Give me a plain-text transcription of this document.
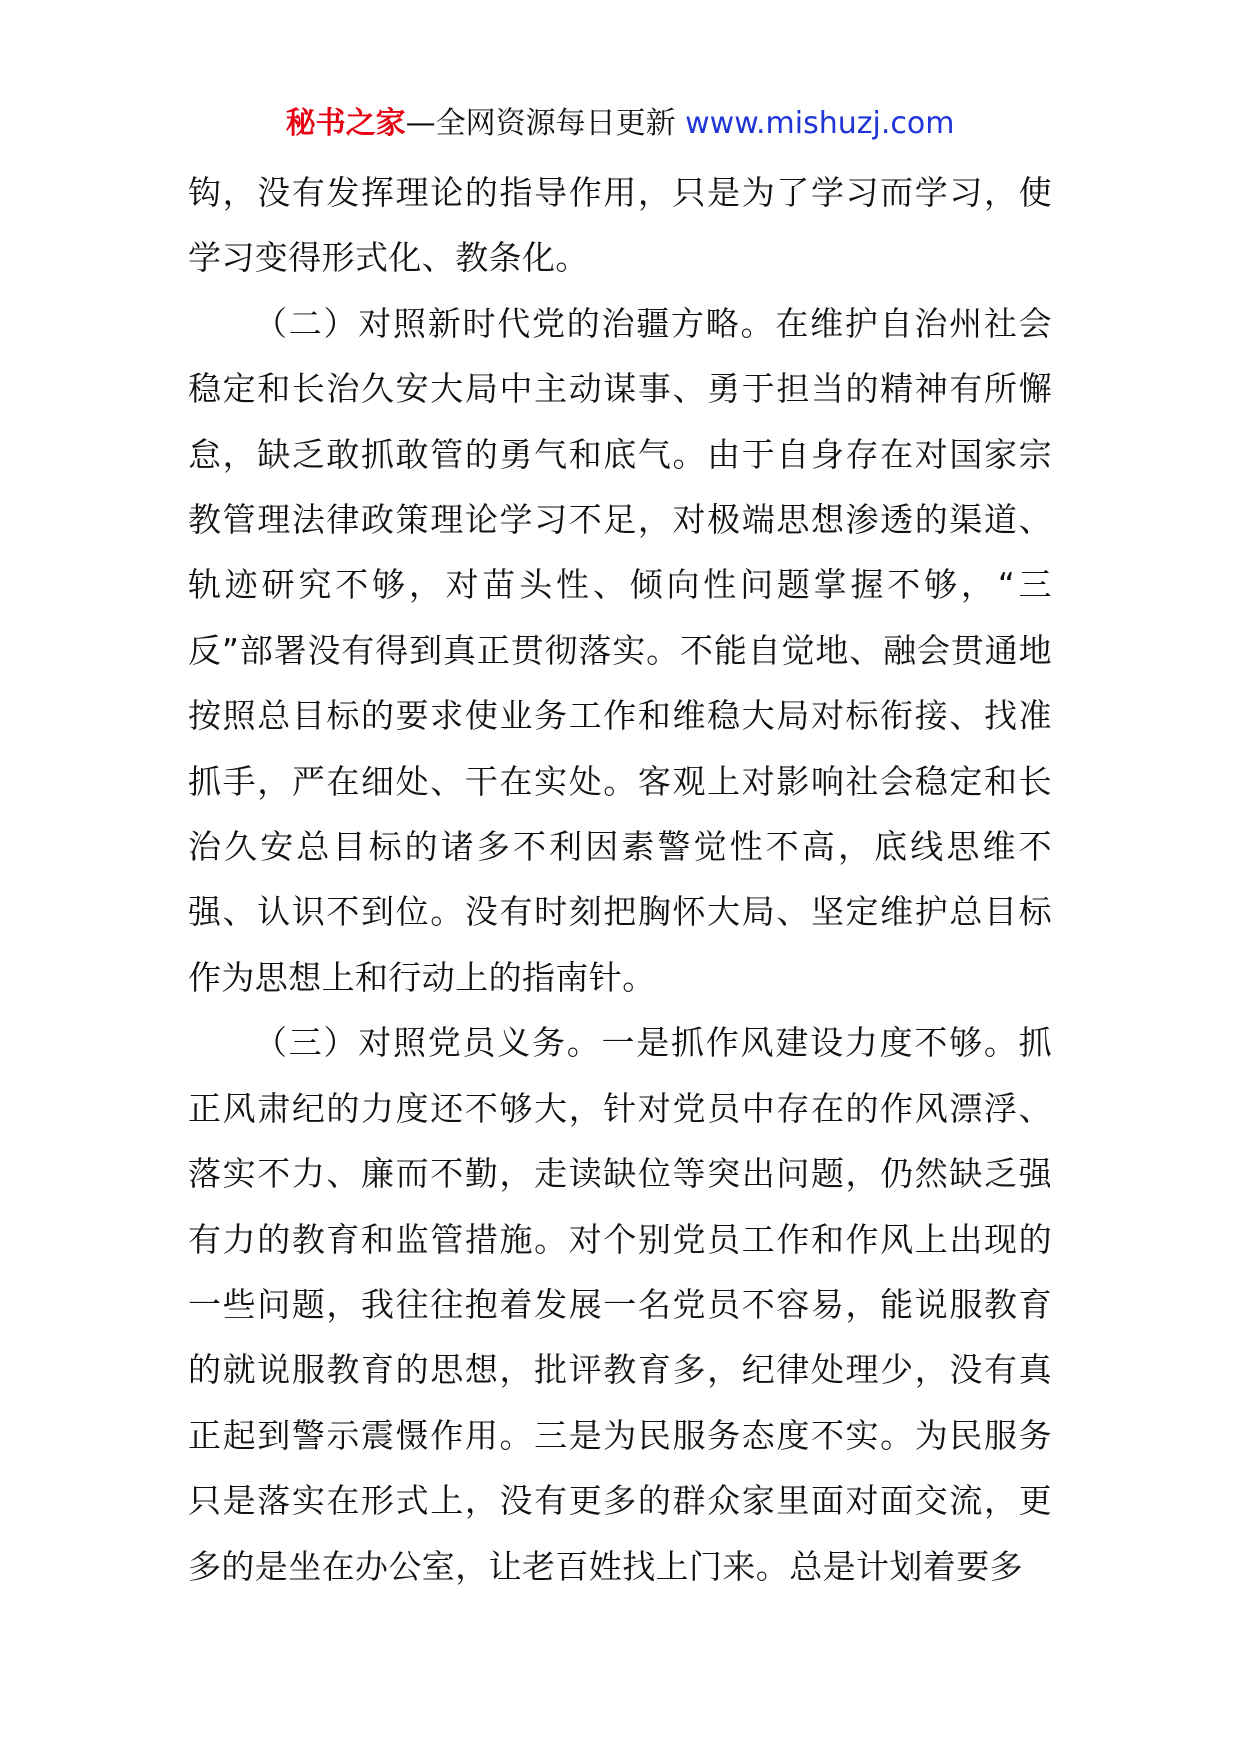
秘书之家—全网资源每日更新 www.mishuzj.com

钩，没有发挥理论的指导作用，只是为了学习而学习，使学习变得形式化、教条化。

（二）对照新时代党的治疆方略。在维护自治州社会稳定和长治久安大局中主动谋事、勇于担当的精神有所懈怠，缺乏敢抓敢管的勇气和底气。由于自身存在对国家宗教管理法律政策理论学习不足，对极端思想渗透的渠道、轨迹研究不够，对苗头性、倾向性问题掌握不够，“三反”部署没有得到真正贯彻落实。不能自觉地、融会贯通地按照总目标的要求使业务工作和维稳大局对标衔接、找准抓手，严在细处、干在实处。客观上对影响社会稳定和长治久安总目标的诸多不利因素警觉性不高，底线思维不强、认识不到位。没有时刻把胸怀大局、坚定维护总目标作为思想上和行动上的指南针。

（三）对照党员义务。一是抓作风建设力度不够。抓正风肃纪的力度还不够大，针对党员中存在的作风漂浮、落实不力、廉而不勤，走读缺位等突出问题，仍然缺乏强有力的教育和监管措施。对个别党员工作和作风上出现的一些问题，我往往抱着发展一名党员不容易，能说服教育的就说服教育的思想，批评教育多，纪律处理少，没有真正起到警示震慑作用。三是为民服务态度不实。为民服务只是落实在形式上，没有更多的群众家里面对面交流，更多的是坐在办公室，让老百姓找上门来。总是计划着要多
